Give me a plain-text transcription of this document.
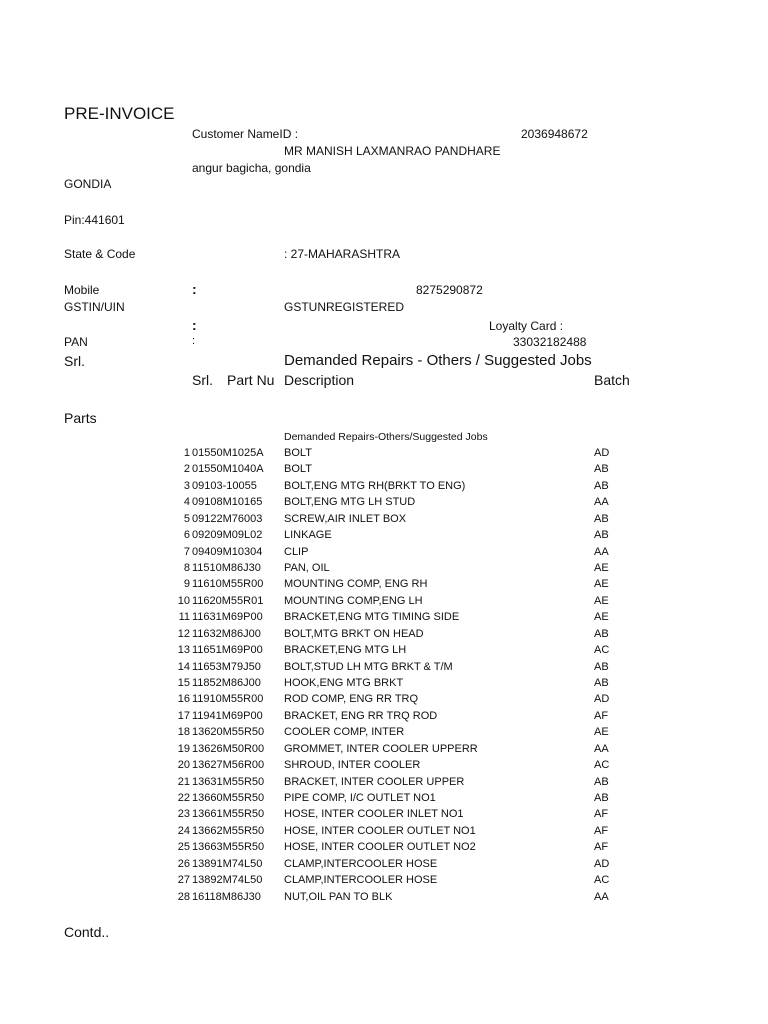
PRE-INVOICE
Customer NameID :	2036948672
MR MANISH LAXMANRAO PANDHARE
angur bagicha, gondia
GONDIA
Pin:441601
State & Code	: 27-MAHARASHTRA
Mobile	:	8275290872
GSTIN/UIN	GSTUNREGISTERED
:	Loyalty Card :
PAN	:	33032182488
Srl.	Demanded Repairs - Others / Suggested Jobs
Srl. Part Nu Description	Batch
Parts
Demanded Repairs-Others/Suggested Jobs
1 01550M1025A BOLT	AD
2 01550M1040A BOLT	AB
3 09103-10055 BOLT,ENG MTG RH(BRKT TO ENG)	AB
4 09108M10165 BOLT,ENG MTG LH STUD	AA
5 09122M76003 SCREW,AIR INLET BOX	AB
6 09209M09L02 LINKAGE	AB
7 09409M10304 CLIP	AA
8 11510M86J30 PAN, OIL	AE
9 11610M55R00 MOUNTING COMP, ENG RH	AE
10 11620M55R01 MOUNTING COMP,ENG LH	AE
11 11631M69P00 BRACKET,ENG MTG TIMING SIDE	AE
12 11632M86J00 BOLT,MTG BRKT ON HEAD	AB
13 11651M69P00 BRACKET,ENG MTG LH	AC
14 11653M79J50 BOLT,STUD LH MTG BRKT & T/M	AB
15 11852M86J00 HOOK,ENG MTG BRKT	AB
16 11910M55R00 ROD COMP, ENG RR TRQ	AD
17 11941M69P00 BRACKET, ENG RR TRQ ROD	AF
18 13620M55R50 COOLER COMP, INTER	AE
19 13626M50R00 GROMMET, INTER COOLER UPPERR	AA
20 13627M56R00 SHROUD, INTER COOLER	AC
21 13631M55R50 BRACKET, INTER COOLER UPPER	AB
22 13660M55R50 PIPE COMP, I/C OUTLET NO1	AB
23 13661M55R50 HOSE, INTER COOLER INLET NO1	AF
24 13662M55R50 HOSE, INTER COOLER OUTLET NO1	AF
25 13663M55R50 HOSE, INTER COOLER OUTLET NO2	AF
26 13891M74L50 CLAMP,INTERCOOLER HOSE	AD
27 13892M74L50 CLAMP,INTERCOOLER HOSE	AC
28 16118M86J30 NUT,OIL PAN TO BLK	AA
Contd..
